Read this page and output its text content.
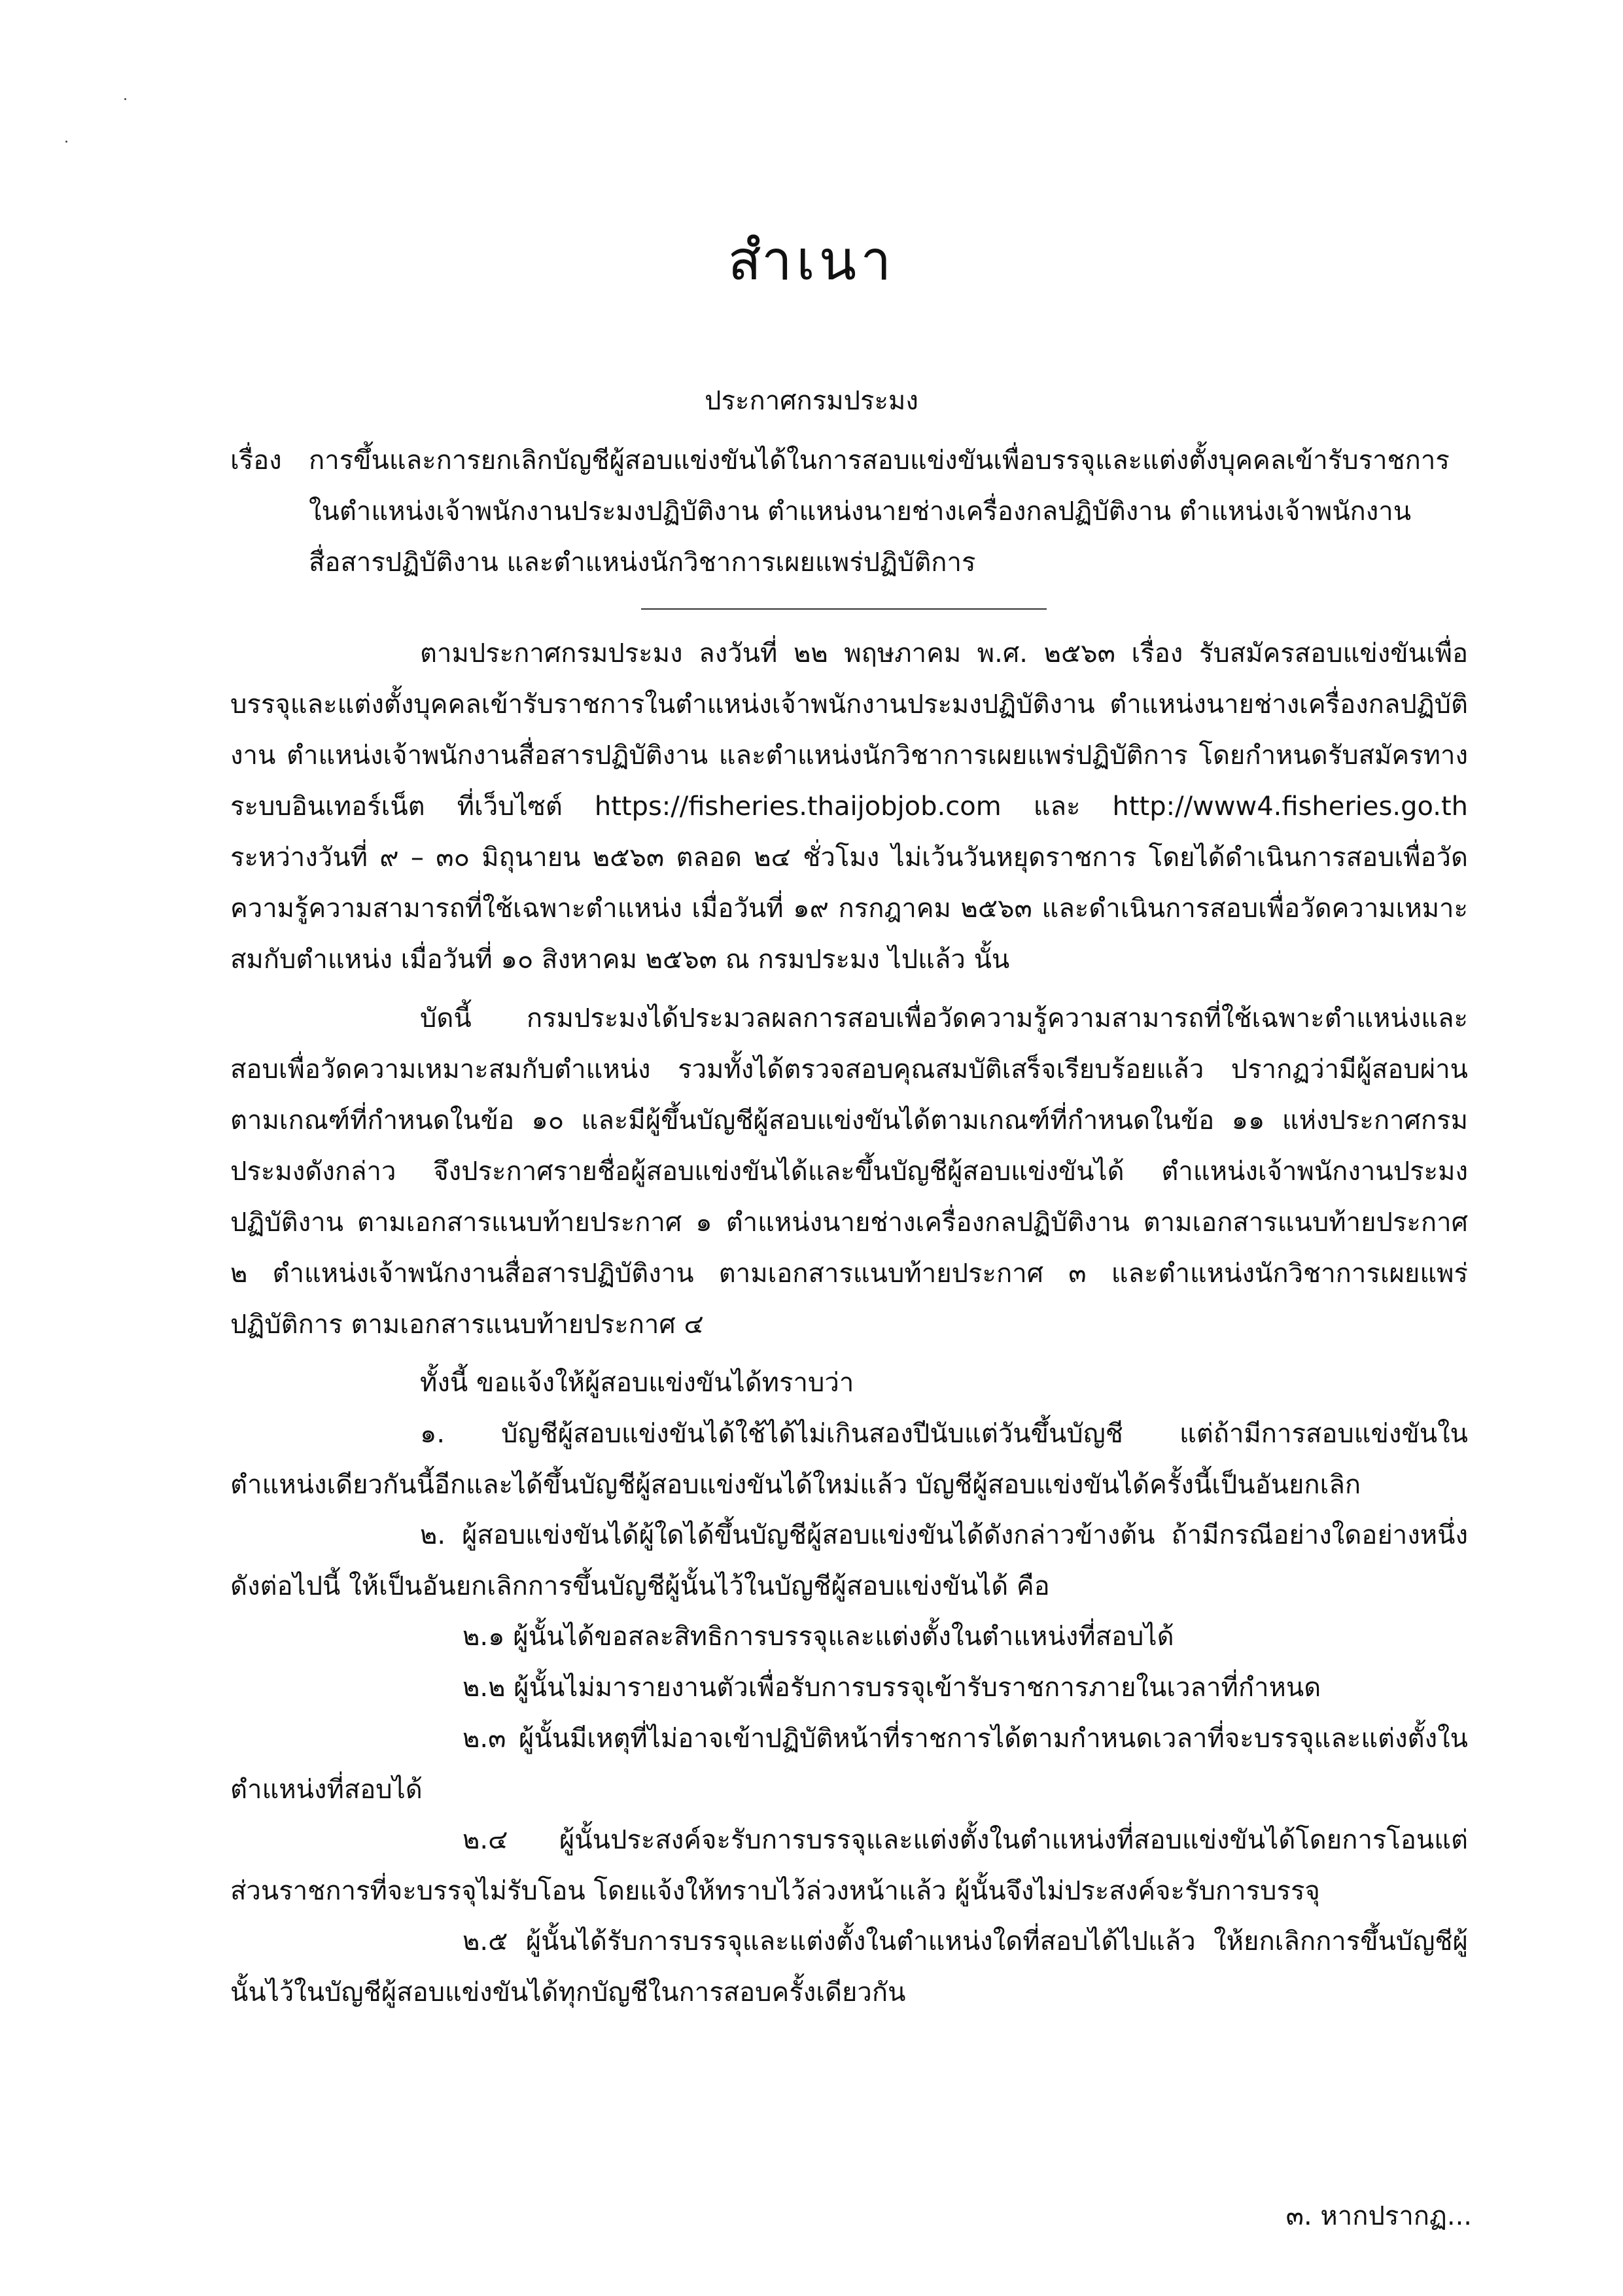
สำเนา
ประกาศกรมประมง
เรื่อง การขึ้นและการยกเลิกบัญชีผู้สอบแข่งขันได้ในการสอบแข่งขันเพื่อบรรจุและแต่งตั้งบุคคลเข้ารับราชการ
ในตำแหน่งเจ้าพนักงานประมงปฏิบัติงาน ตำแหน่งนายช่างเครื่องกลปฏิบัติงาน ตำแหน่งเจ้าพนักงาน
สื่อสารปฏิบัติงาน และตำแหน่งนักวิชาการเผยแพร่ปฏิบัติการ
ตามประกาศกรมประมง ลงวันที่ ๒๒ พฤษภาคม พ.ศ. ๒๕๖๓ เรื่อง รับสมัครสอบแข่งขันเพื่อบรรจุและแต่งตั้งบุคคลเข้ารับราชการในตำแหน่งเจ้าพนักงานประมงปฏิบัติงาน ตำแหน่งนายช่างเครื่องกลปฏิบัติงาน ตำแหน่งเจ้าพนักงานสื่อสารปฏิบัติงาน และตำแหน่งนักวิชาการเผยแพร่ปฏิบัติการ โดยกำหนดรับสมัครทางระบบอินเทอร์เน็ต ที่เว็บไซต์ https://fisheries.thaijobjob.com และ http://www4.fisheries.go.th ระหว่างวันที่ ๙ – ๓๐ มิถุนายน ๒๕๖๓ ตลอด ๒๔ ชั่วโมง ไม่เว้นวันหยุดราชการ โดยได้ดำเนินการสอบเพื่อวัดความรู้ความสามารถที่ใช้เฉพาะตำแหน่ง เมื่อวันที่ ๑๙ กรกฎาคม ๒๕๖๓ และดำเนินการสอบเพื่อวัดความเหมาะสมกับตำแหน่ง เมื่อวันที่ ๑๐ สิงหาคม ๒๕๖๓ ณ กรมประมง ไปแล้ว นั้น
บัดนี้ กรมประมงได้ประมวลผลการสอบเพื่อวัดความรู้ความสามารถที่ใช้เฉพาะตำแหน่งและสอบเพื่อวัดความเหมาะสมกับตำแหน่ง รวมทั้งได้ตรวจสอบคุณสมบัติเสร็จเรียบร้อยแล้ว ปรากฏว่ามีผู้สอบผ่านตามเกณฑ์ที่กำหนดในข้อ ๑๐ และมีผู้ขึ้นบัญชีผู้สอบแข่งขันได้ตามเกณฑ์ที่กำหนดในข้อ ๑๑ แห่งประกาศกรมประมงดังกล่าว จึงประกาศรายชื่อผู้สอบแข่งขันได้และขึ้นบัญชีผู้สอบแข่งขันได้ ตำแหน่งเจ้าพนักงานประมงปฏิบัติงาน ตามเอกสารแนบท้ายประกาศ ๑ ตำแหน่งนายช่างเครื่องกลปฏิบัติงาน ตามเอกสารแนบท้ายประกาศ ๒ ตำแหน่งเจ้าพนักงานสื่อสารปฏิบัติงาน ตามเอกสารแนบท้ายประกาศ ๓ และตำแหน่งนักวิชาการเผยแพร่ปฏิบัติการ ตามเอกสารแนบท้ายประกาศ ๔
ทั้งนี้ ขอแจ้งให้ผู้สอบแข่งขันได้ทราบว่า
๑. บัญชีผู้สอบแข่งขันได้ใช้ได้ไม่เกินสองปีนับแต่วันขึ้นบัญชี แต่ถ้ามีการสอบแข่งขันในตำแหน่งเดียวกันนี้อีกและได้ขึ้นบัญชีผู้สอบแข่งขันได้ใหม่แล้ว บัญชีผู้สอบแข่งขันได้ครั้งนี้เป็นอันยกเลิก
๒. ผู้สอบแข่งขันได้ผู้ใดได้ขึ้นบัญชีผู้สอบแข่งขันได้ดังกล่าวข้างต้น ถ้ามีกรณีอย่างใดอย่างหนึ่งดังต่อไปนี้ ให้เป็นอันยกเลิกการขึ้นบัญชีผู้นั้นไว้ในบัญชีผู้สอบแข่งขันได้ คือ
๒.๑ ผู้นั้นได้ขอสละสิทธิการบรรจุและแต่งตั้งในตำแหน่งที่สอบได้
๒.๒ ผู้นั้นไม่มารายงานตัวเพื่อรับการบรรจุเข้ารับราชการภายในเวลาที่กำหนด
๒.๓ ผู้นั้นมีเหตุที่ไม่อาจเข้าปฏิบัติหน้าที่ราชการได้ตามกำหนดเวลาที่จะบรรจุและแต่งตั้งในตำแหน่งที่สอบได้
๒.๔ ผู้นั้นประสงค์จะรับการบรรจุและแต่งตั้งในตำแหน่งที่สอบแข่งขันได้โดยการโอนแต่ส่วนราชการที่จะบรรจุไม่รับโอน โดยแจ้งให้ทราบไว้ล่วงหน้าแล้ว ผู้นั้นจึงไม่ประสงค์จะรับการบรรจุ
๒.๕ ผู้นั้นได้รับการบรรจุและแต่งตั้งในตำแหน่งใดที่สอบได้ไปแล้ว ให้ยกเลิกการขึ้นบัญชีผู้นั้นไว้ในบัญชีผู้สอบแข่งขันได้ทุกบัญชีในการสอบครั้งเดียวกัน
๓. หากปรากฏ...
